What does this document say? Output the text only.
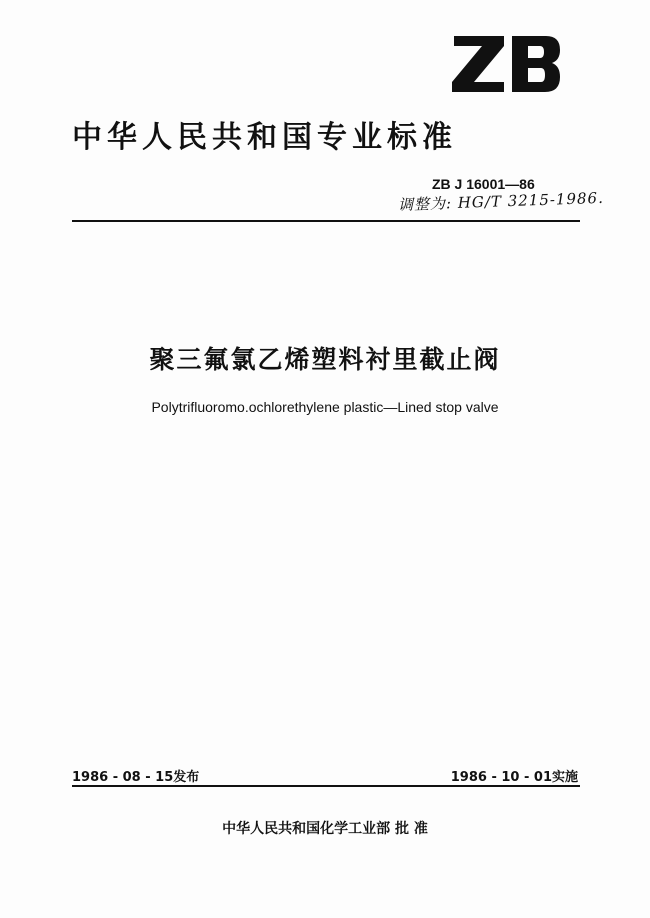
ZB
中华人民共和国专业标准
ZB J 16001—86
调整为: HG/T 3215-1986.
聚三氟氯乙烯塑料衬里截止阀
Polytrifluoromo.ochlorethylene plastic—Lined stop valve
1986 - 08 - 15发布	1986 - 10 - 01实施
中华人民共和国化学工业部 批 准
